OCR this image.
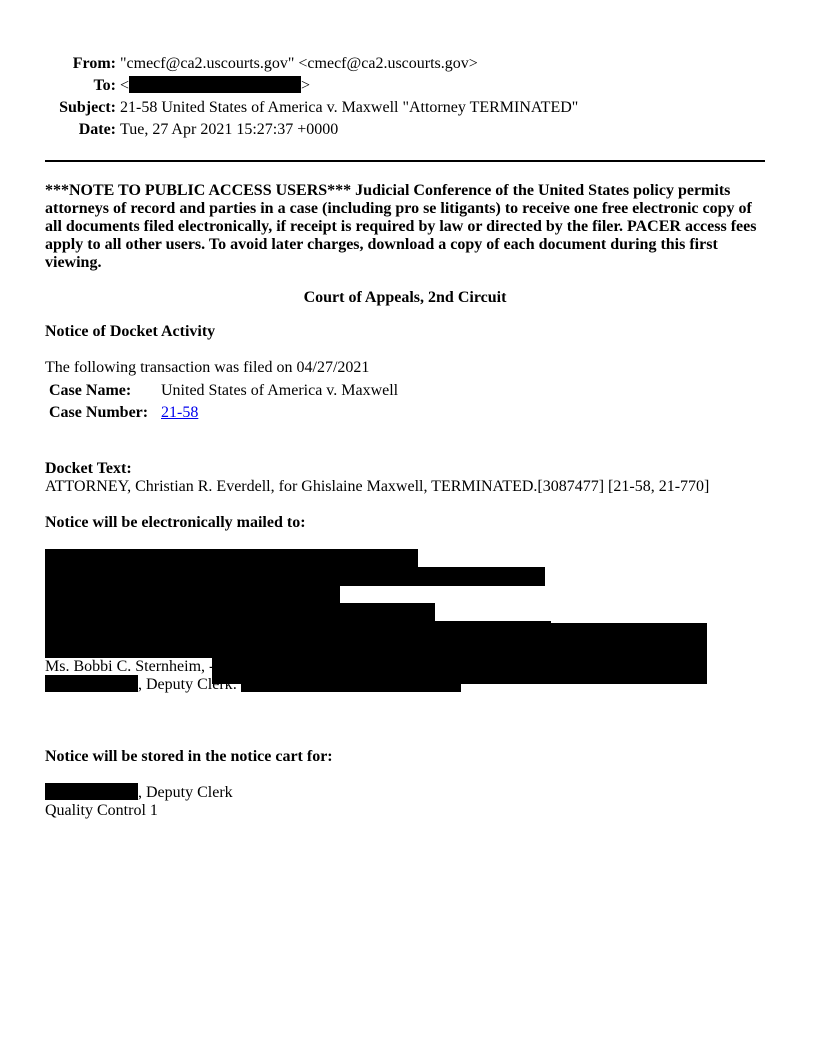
From: "cmecf@ca2.uscourts.gov" <cmecf@ca2.uscourts.gov>
To: <	>
Subject: 21-58 United States of America v. Maxwell "Attorney TERMINATED"
Date: Tue, 27 Apr 2021 15:27:37 +0000
***NOTE TO PUBLIC ACCESS USERS*** Judicial Conference of the United States policy permits attorneys of record and parties in a case (including pro se litigants) to receive one free electronic copy of all documents filed electronically, if receipt is required by law or directed by the filer. PACER access fees apply to all other users. To avoid later charges, download a copy of each document during this first viewing.
Court of Appeals, 2nd Circuit
Notice of Docket Activity
The following transaction was filed on 04/27/2021
Case Name:	United States of America v. Maxwell
Case Number:	21-58
Docket Text:
ATTORNEY, Christian R. Everdell, for Ghislaine Maxwell, TERMINATED.[3087477] [21-58, 21-770]
Notice will be electronically mailed to:
Ms. Bobbi C. Sternheim, -
, Deputy Clerk:
Notice will be stored in the notice cart for:
, Deputy Clerk
Quality Control 1
